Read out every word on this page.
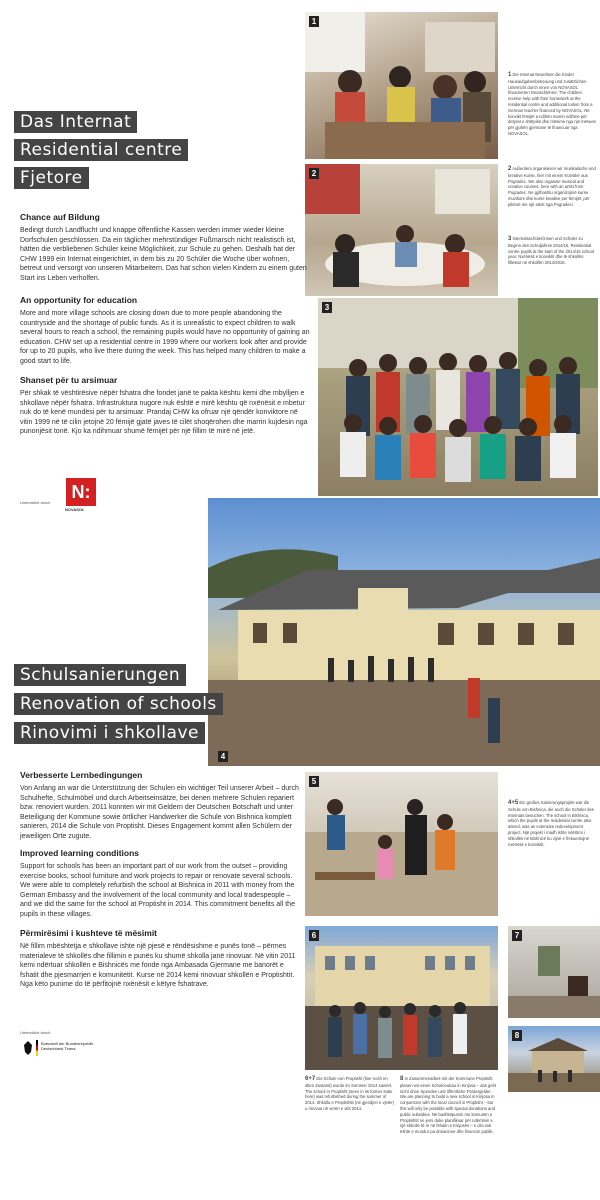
1
2
3
1 Die Internat-bewohner die Kinder Hausaufgabenbetreuung und zusätzlichen Unterricht durch einen von NOVASOL finanzierten Deutschlehrer. The children receive help with their homework at the residential centre and additional tuition from a German teacher financed by NOVASOL. Në konvikt fëmijët a ndihën marrin ndihmë për detyrat e shtëpisë dhe mësime nga një mësues për gjuhën gjermane të financuar nga NOVASOL.
2 Außerdem organisieren wir musikalische und kreative Kurse, hier mit einem Künstler aus Pogradec. We also organise musical and creative courses, here with an artist from Pogradec. Ne gjithashtu organizojmë kurse muzikore dhe kurse kreative per fëmijët, për piktorë me një artist nga Pogradeci.
3 Internatsschüler/innen und Schüler zu Beginn des Schuljahres 2014/15. Residential centre pupils at the start of the 2014/15 school year. Nxënësit e konviktit dhe të shkollës fillestar në shkollën 2014/2015.
Das Internat
Residential centre
Fjetore
Chance auf Bildung
Bedingt durch Landflucht und knappe öffentliche Kassen werden immer wieder kleine Dorfschulen geschlossen. Da ein täglicher mehrstündiger Fußmarsch nicht realistisch ist, hätten die verbliebenen Schüler keine Möglichkeit, zur Schule zu gehen. Deshalb hat der CHW 1999 ein Internat eingerichtet, in dem bis zu 20 Schüler die Woche über wohnen, betreut und versorgt von unseren Mitarbeitern. Das hat schon vielen Kindern zu einem guten Start ins Leben verholfen.
An opportunity for education
More and more village schools are closing down due to more people abandoning the countryside and the shortage of public funds. As it is unrealistic to expect children to walk several hours to reach a school, the remaining pupils would have no opportunity of gaining an education. CHW set up a residential centre in 1999 where our workers look after and provide for up to 20 pupils, who live there during the week. This has helped many children to make a good start to life.
Shanset për tu arsimuar
Për shkak të vështirësive nëpër fshatra dhe fondet janë te pakta kështu kemi dhe mbylljen e shkollave nëpër fshatra. Infrastruktura nugore nuk është e mirë kështu që nxënësit e mbetur nuk do të kenë mundësi për tu arsimuar. Prandaj CHW ka ofruar një qëndër konviktore në vitin 1999 në të cilin jetojnë 20 fëmijë gjatë javes të cilët shoqërohen dhe marrin kujdesin nga punonjësit tonë. Kjo ka ndihmuar shumë fëmijët për një fillim të mirë në jetë.
Unterstützt durch
N:
NOVASOL
4
Schulsanierungen
Renovation of schools
Rinovimi i shkollave
5
4+5 Ein großes Sanierungsprojekt war die Schule von Bishnica, die auch die Schüler des Internats besuchen. The school in Bishnica, which the pupils at the residential centre also attend, was an extensive redevelopment project. Një projekt i madh ishte ndërtimi i shkollës në Bishnicë ku vijnë e frekuentojnë nxënësit e konviktit.
6	7
8
Verbesserte Lernbedingungen
Von Anfang an war die Unterstützung der Schulen ein wichtiger Teil unserer Arbeit – durch Schulhefte, Schulmöbel und durch Arbeitseinsätze, bei denen mehrere Schulen repariert bzw. renoviert wurden. 2011 konnten wir mit Geldern der Deutschen Botschaft und unter Beteiligung der Kommune sowie örtlicher Handwerker die Schule von Bishnica komplett sanieren, 2014 die Schule von Proptisht. Dieses Engagement kommt allen Schülern der jeweiligen Orte zugute.
Improved learning conditions
Support for schools has been an important part of our work from the outset – providing exercise books, school furniture and work projects to repair or renovate several schools. We were able to completely refurbish the school at Bishnica in 2011 with money from the German Embassy and the involvement of the local community and local tradespeople – and we did the same for the school at Proptisht in 2014. This commitment benefits all the pupils in these villages.
Përmirësimi i kushteve të mësimit
Në fillim mbështetja e shkollave ishte një pjesë e rëndësishme e punës tonë – përmes materialeve të shkollës dhe fillimin e punës ku shumë shkolla janë rinovuar. Në vitin 2011 kemi ndërtuar shkollën e Bishnicës me fonde nga Ambasada Gjermane me banorët e fshatit dhe pjesmarrjen e komunitetit. Kurse në 2014 kemi rinovuar shkollën e Proptishtit. Nga këto punime do të përfitojnë nxënësit e këtyre fshatrave.
Unterstützt durch
Botschaft der Bundesrepublik Deutschland Tirana
6+7 Die Schule von Proptisht (hier noch im alten Zustand) wurde im Sommer 2014 saniert. The school in Proptisht (seen in its former state here) was refurbished during the summer of 2014. Shkolla e Proptishtit (në gjendjen e vjetër) u rinovua në verën e vitit 2014.
8 In Zusammenarbeit mit der Kommune Proptisht planen wir einen Schulneubau in Kinjosa – das geht nicht ohne Spenden und öffentliche Fördergelder. We are planning to build a new school in Kinjosa in conjunction with the local council in Proptisht – but this will only be possible with special donations and public subsidies. Në bashkëpunim me komunën e Proptishtit ne jemi duke planifikuar për ndërtimin e një shkolle të re në fshatin e Kinjosës – e cila nuk është e mundur pa donacione dhe financim publik.
